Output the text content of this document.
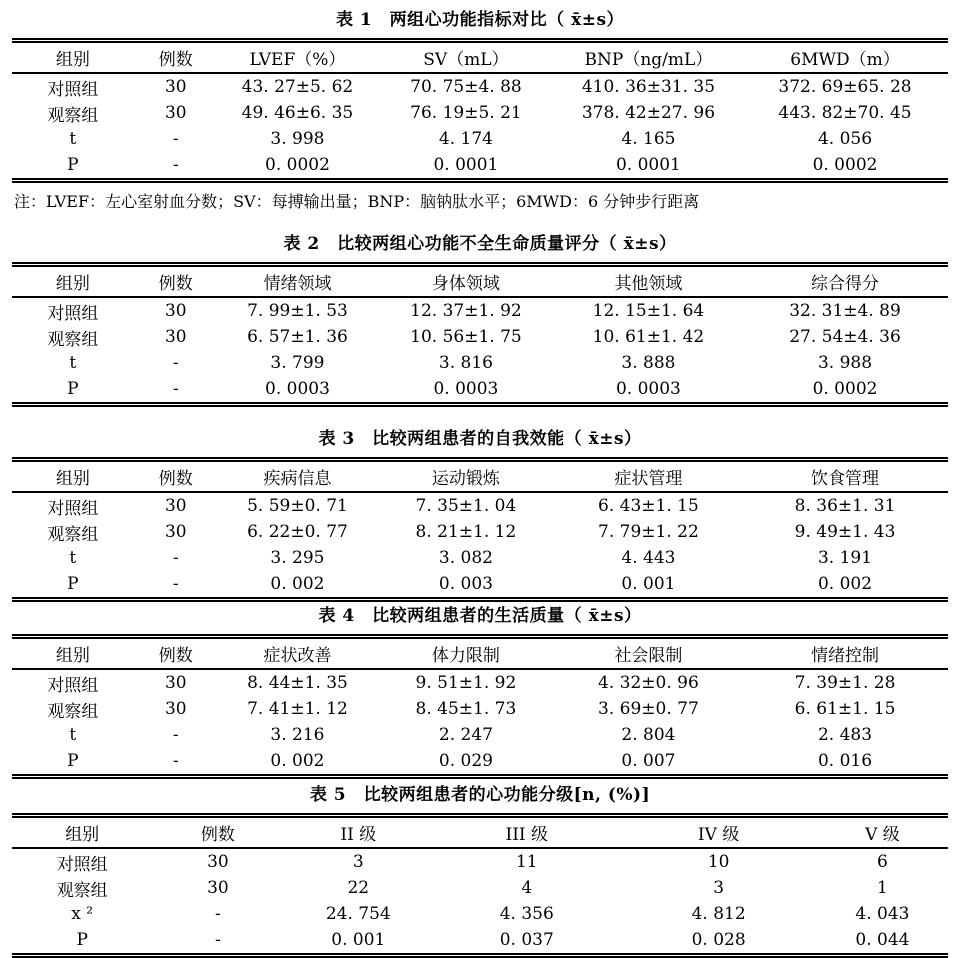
表 1　两组心功能指标对比（ x̄±s）
组别	例数	LVEF（%）	SV（mL）	BNP（ng/mL）	6MWD（m）
对照组	30	43. 27±5. 62	70. 75±4. 88	410. 36±31. 35	372. 69±65. 28
观察组	30	49. 46±6. 35	76. 19±5. 21	378. 42±27. 96	443. 82±70. 45
t	-	3. 998	4. 174	4. 165	4. 056
P	-	0. 0002	0. 0001	0. 0001	0. 0002

注：LVEF：左心室射血分数；SV：每搏输出量；BNP：脑钠肽水平；6MWD：6 分钟步行距离

表 2　比较两组心功能不全生命质量评分（ x̄±s）
组别	例数	情绪领域	身体领域	其他领域	综合得分
对照组	30	7. 99±1. 53	12. 37±1. 92	12. 15±1. 64	32. 31±4. 89
观察组	30	6. 57±1. 36	10. 56±1. 75	10. 61±1. 42	27. 54±4. 36
t	-	3. 799	3. 816	3. 888	3. 988
P	-	0. 0003	0. 0003	0. 0003	0. 0002
表 3　比较两组患者的自我效能（ x̄±s）
组别	例数	疾病信息	运动锻炼	症状管理	饮食管理
对照组	30	5. 59±0. 71	7. 35±1. 04	6. 43±1. 15	8. 36±1. 31
观察组	30	6. 22±0. 77	8. 21±1. 12	7. 79±1. 22	9. 49±1. 43
t	-	3. 295	3. 082	4. 443	3. 191
P	-	0. 002	0. 003	0. 001	0. 002
表 4　比较两组患者的生活质量（ x̄±s）
组别	例数	症状改善	体力限制	社会限制	情绪控制
对照组	30	8. 44±1. 35	9. 51±1. 92	4. 32±0. 96	7. 39±1. 28
观察组	30	7. 41±1. 12	8. 45±1. 73	3. 69±0. 77	6. 61±1. 15
t	-	3. 216	2. 247	2. 804	2. 483
P	-	0. 002	0. 029	0. 007	0. 016
表 5　比较两组患者的心功能分级[n, (%)]
组别	例数	II 级	III 级	IV 级	V 级
对照组	30	3	11	10	6
观察组	30	22	4	3	1
x ²	-	24. 754	4. 356	4. 812	4. 043
P	-	0. 001	0. 037	0. 028	0. 044
